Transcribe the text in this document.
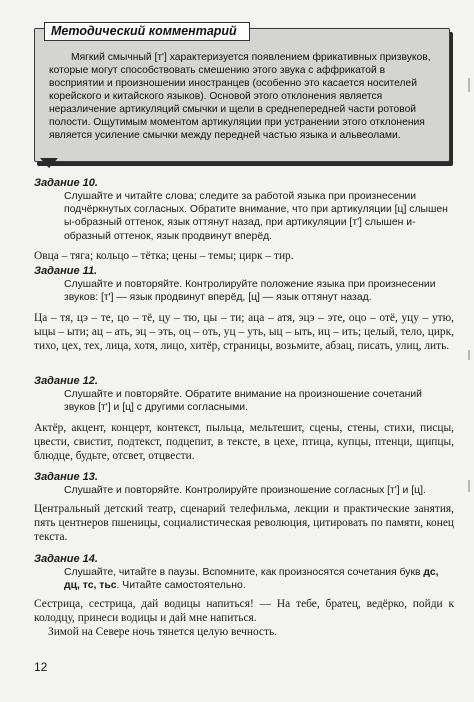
Мягкий смычный [т'] характеризуется появлением фрикативных призвуков, которые могут способствовать смешению этого звука с аффрикатой в восприятии и произношении иностранцев (особенно это касается носителей корейского и китайского языков). Основой этого отклонения является неразличение артикуляций смычки и щели в среднепередней части ротовой полости. Ощутимым моментом артикуляции при устранении этого отклонения является усиление смычки между передней частью языка и альвеолами.
Методический комментарий
Задание 10.
Слушайте и читайте слова; следите за работой языка при произнесении подчёркнутых согласных. Обратите внимание, что при артикуляции [ц] слышен ы-образный оттенок, язык оттянут назад, при артикуляции [т'] слышен и-образный оттенок, язык продвинут вперёд.
Овца – тяга; кольцо – тётка; цены – темы; цирк – тир.
Задание 11.
Слушайте и повторяйте. Контролируйте положение языка при произнесении звуков: [т'] — язык продвинут вперёд, [ц] — язык оттянут назад.
Ца – тя, цэ – те, цо – тё, цу – тю, цы – ти; аца – атя, эцэ – эте, оцо – отё, уцу – утю, ыцы – ыти; ац – ать, эц – эть, оц – оть, уц – уть, ыц – ыть, иц – ить; целый, тело, цирк, тихо, цех, тех, лица, хотя, лицо, хитёр, страницы, возьмите, абзац, писать, улиц, лить.
Задание 12.
Слушайте и повторяйте. Обратите внимание на произношение сочетаний звуков [т'] и [ц] с другими согласными.
Актёр, акцент, концерт, контекст, пыльца, мельтешит, сцены, стены, стихи, писцы, цвести, свистит, подтекст, подцепит, в тексте, в цехе, птица, купцы, птенци, щипцы, блюдце, будьте, отсвет, отцвести.
Задание 13.
Слушайте и повторяйте. Контролируйте произношение согласных [т'] и [ц].
Центральный детский театр, сценарий телефильма, лекции и практические занятия, пять центнеров пшеницы, социалистическая революция, цитировать по памяти, конец текста.
Задание 14.
Слушайте, читайте в паузы. Вспомните, как произносятся сочетания букв дс, дц, тс, тьс. Читайте самостоятельно.
Сестрица, сестрица, дай водицы напиться! — На тебе, братец, ведёрко, пойди к колодцу, принеси водицы и дай мне напиться.
Зимой на Севере ночь тянется целую вечность.
12
